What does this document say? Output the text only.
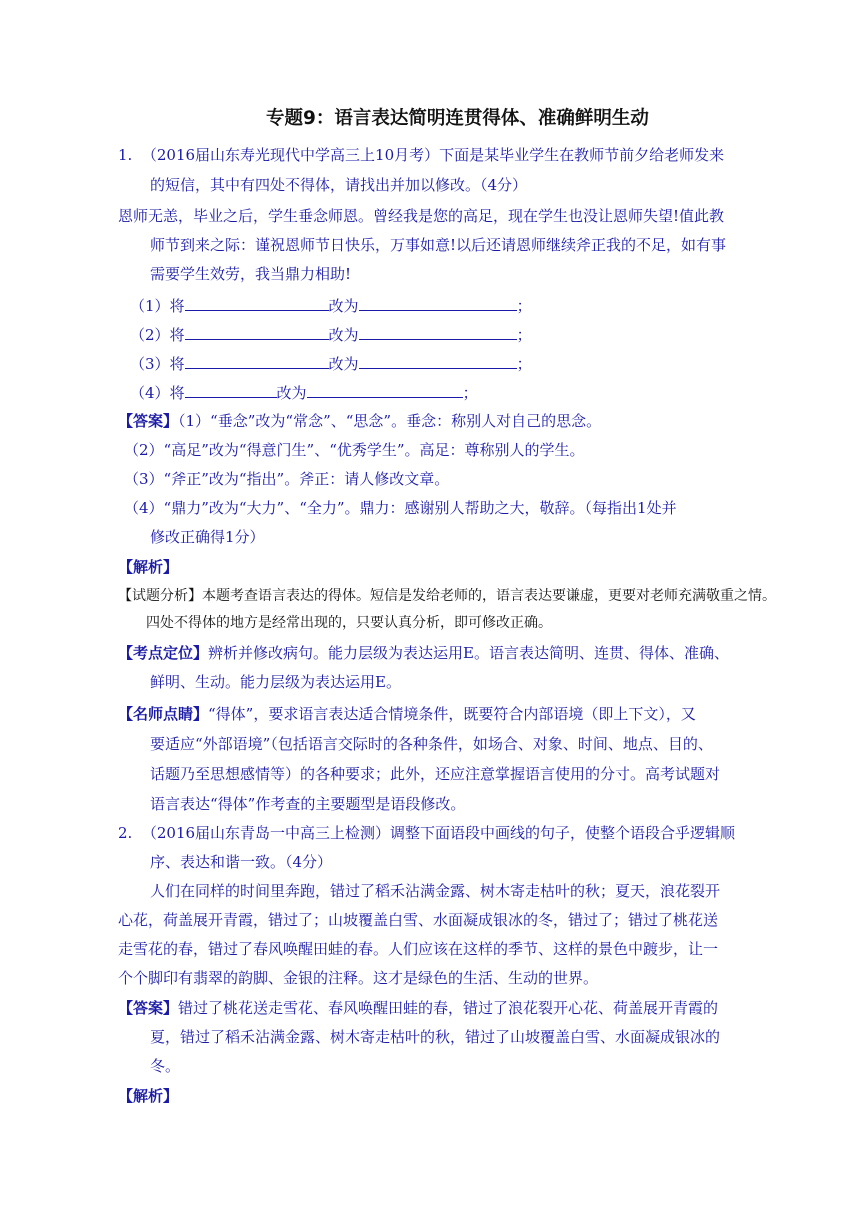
专题9：语言表达简明连贯得体、准确鲜明生动
1. （2016届山东寿光现代中学高三上10月考）下面是某毕业学生在教师节前夕给老师发来
的短信，其中有四处不得体，请找出并加以修改。（4分）
恩师无恙，毕业之后，学生垂念师恩。曾经我是您的高足，现在学生也没让恩师失望!值此教
师节到来之际：谨祝恩师节日快乐，万事如意!以后还请恩师继续斧正我的不足，如有事
需要学生效劳，我当鼎力相助!
（1）将	改为	；
（2）将	改为	；
（3）将	改为	；
（4）将	改为	；
【答案】（1）“垂念”改为“常念”、“思念”。垂念：称别人对自己的思念。
（2）“高足”改为“得意门生”、“优秀学生”。高足：尊称别人的学生。
（3）“斧正”改为“指出”。斧正：请人修改文章。
（4）“鼎力”改为“大力”、“全力”。鼎力：感谢别人帮助之大，敬辞。（每指出1处并
修改正确得1分）
【解析】
【试题分析】本题考查语言表达的得体。短信是发给老师的，语言表达要谦虚，更要对老师充满敬重之情。
四处不得体的地方是经常出现的，只要认真分析，即可修改正确。
【考点定位】辨析并修改病句。能力层级为表达运用E。语言表达简明、连贯、得体、准确、
鲜明、生动。能力层级为表达运用E。
【名师点睛】“得体”，要求语言表达适合情境条件，既要符合内部语境（即上下文），又
要适应“外部语境”（包括语言交际时的各种条件，如场合、对象、时间、地点、目的、
话题乃至思想感情等）的各种要求；此外，还应注意掌握语言使用的分寸。高考试题对
语言表达“得体”作考查的主要题型是语段修改。
2. （2016届山东青岛一中高三上检测）调整下面语段中画线的句子，使整个语段合乎逻辑顺
序、表达和谐一致。（4分）
人们在同样的时间里奔跑，错过了稻禾沾满金露、树木寄走枯叶的秋；夏天，浪花裂开
心花，荷盖展开青霞，错过了；山坡覆盖白雪、水面凝成银冰的冬，错过了；错过了桃花送
走雪花的春，错过了春风唤醒田蛙的春。人们应该在这样的季节、这样的景色中踱步，让一
个个脚印有翡翠的韵脚、金银的注释。这才是绿色的生活、生动的世界。
【答案】错过了桃花送走雪花、春风唤醒田蛙的春，错过了浪花裂开心花、荷盖展开青霞的
夏，错过了稻禾沾满金露、树木寄走枯叶的秋，错过了山坡覆盖白雪、水面凝成银冰的
冬。
【解析】
